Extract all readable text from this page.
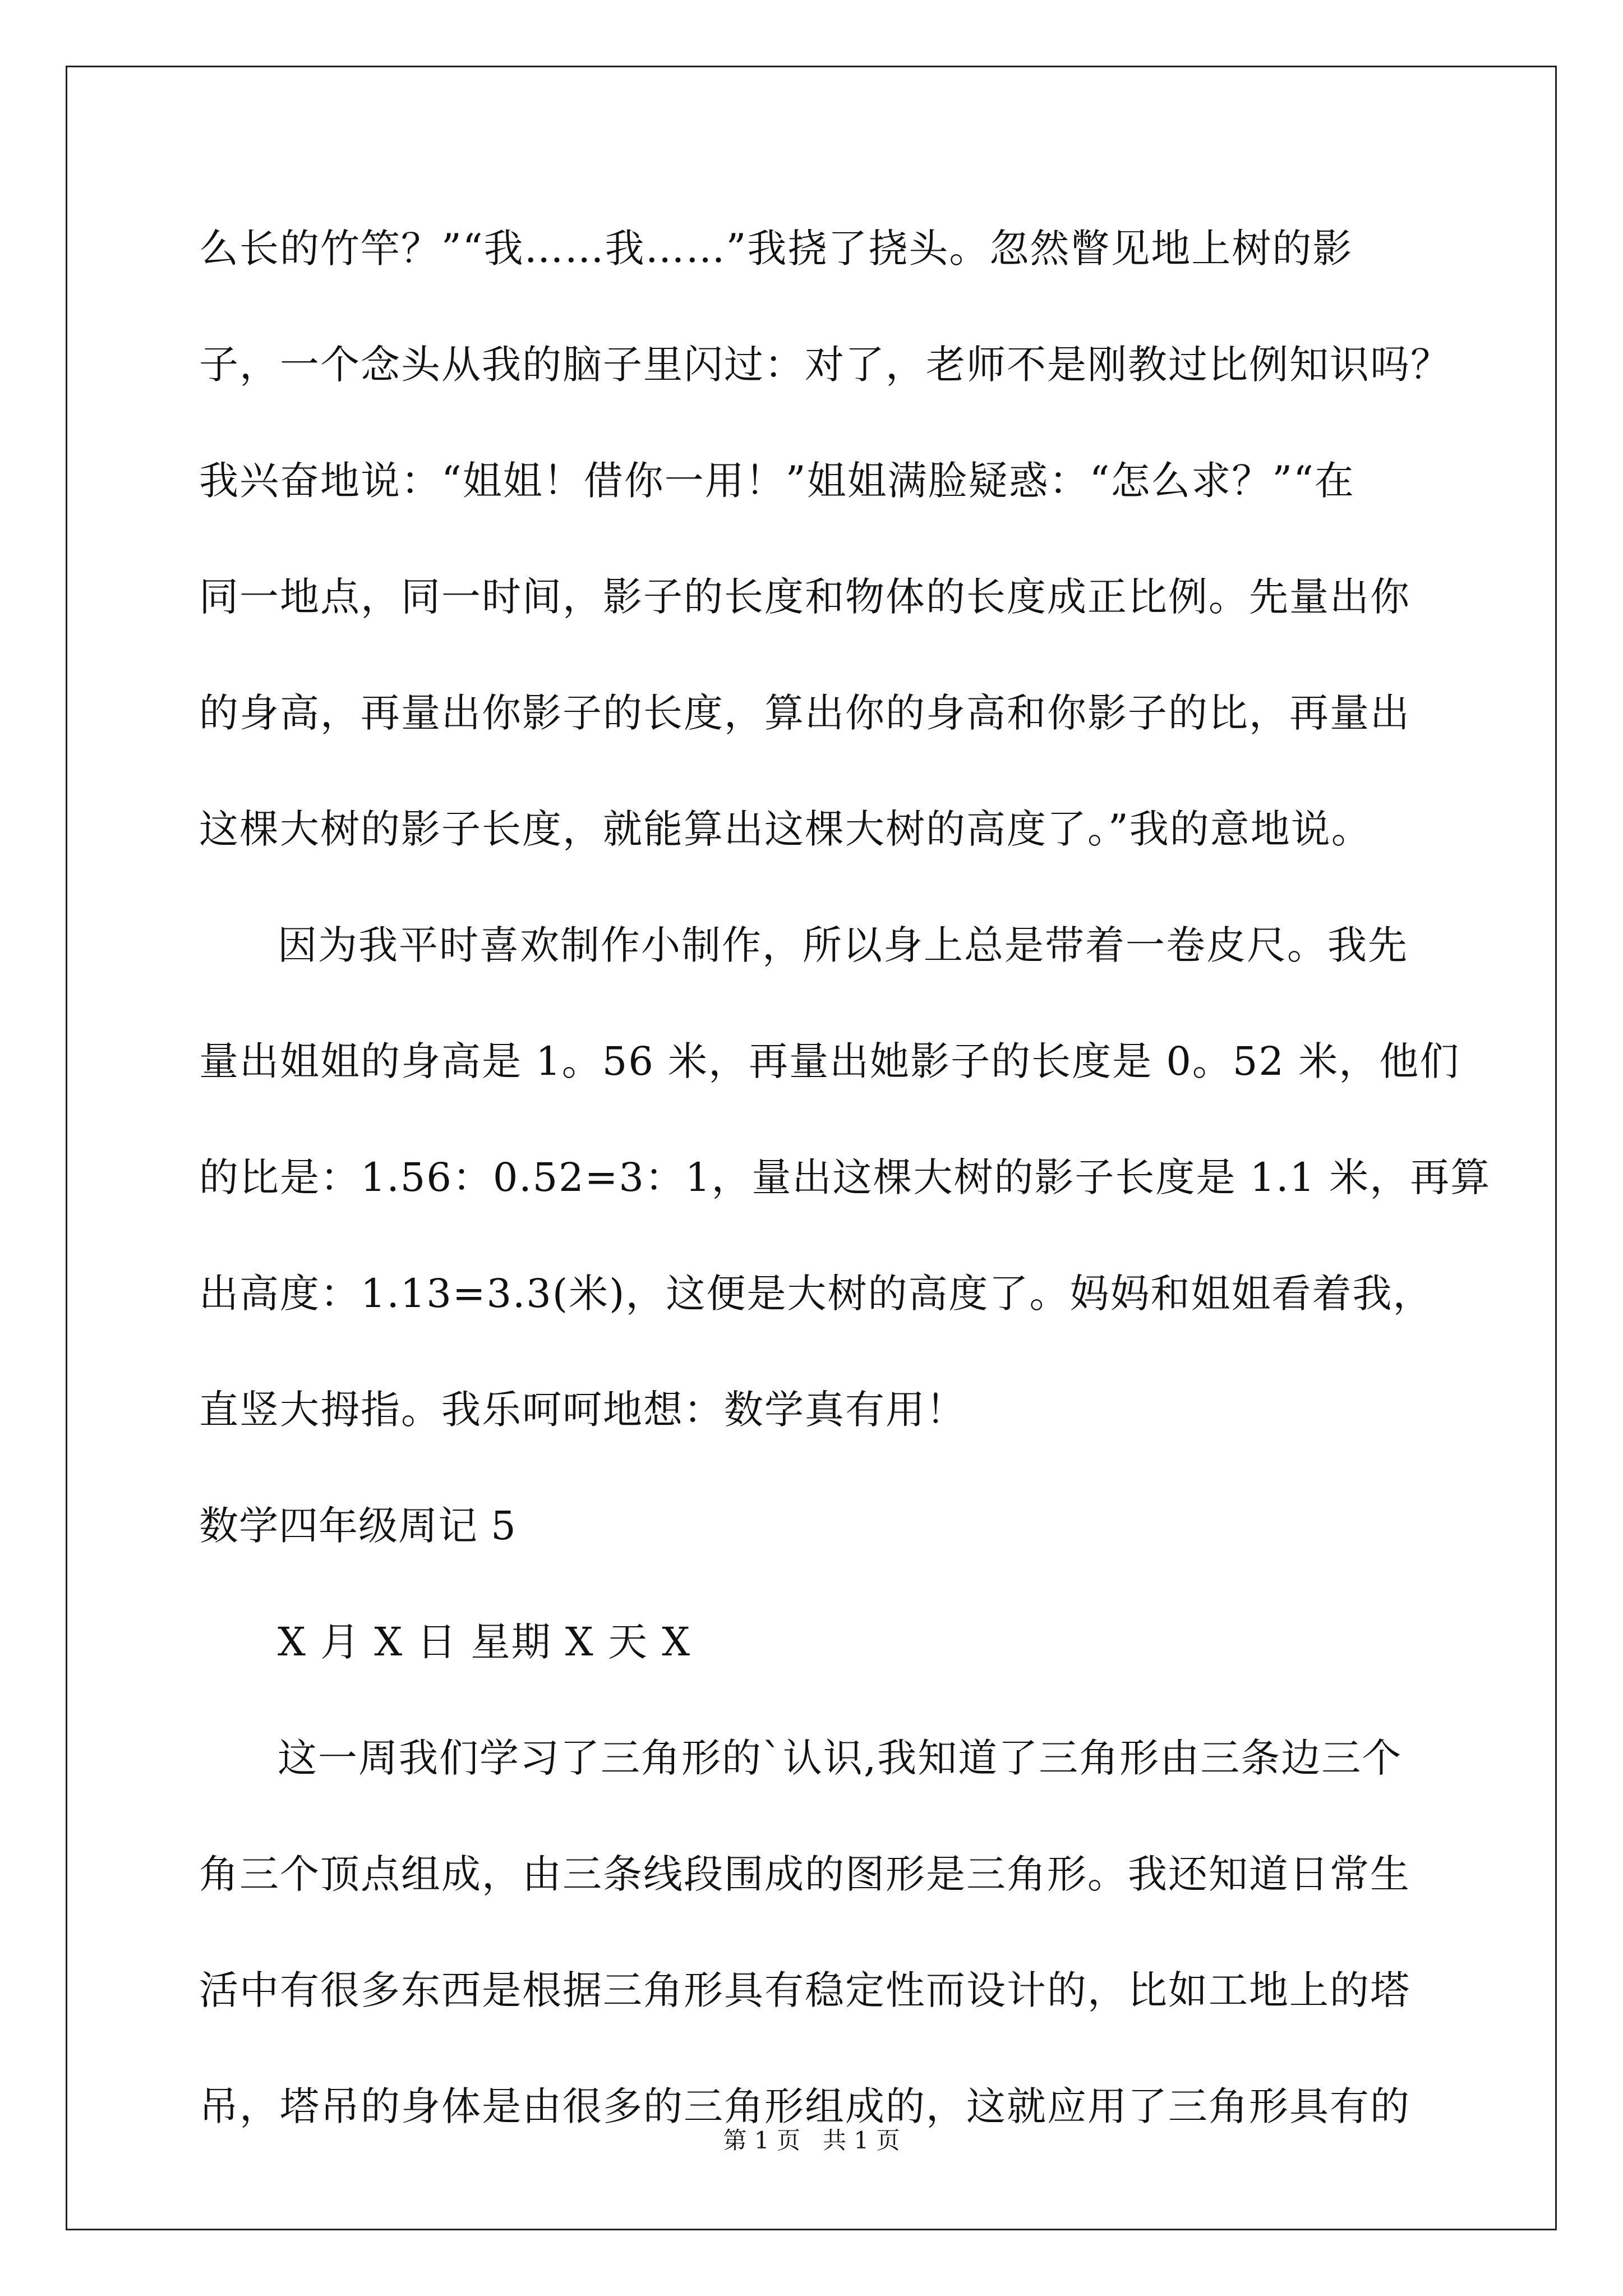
么长的竹竿？”“我……我……”我挠了挠头。忽然瞥见地上树的影
子，一个念头从我的脑子里闪过：对了，老师不是刚教过比例知识吗？
我兴奋地说：“姐姐！借你一用！”姐姐满脸疑惑：“怎么求？”“在
同一地点，同一时间，影子的长度和物体的长度成正比例。先量出你
的身高，再量出你影子的长度，算出你的身高和你影子的比，再量出
这棵大树的影子长度，就能算出这棵大树的高度了。”我的意地说。
因为我平时喜欢制作小制作，所以身上总是带着一卷皮尺。我先
量出姐姐的身高是 1。56 米，再量出她影子的长度是 0。52 米，他们
的比是：1.56：0.52=3：1，量出这棵大树的影子长度是 1.1 米，再算
出高度：1.13=3.3(米)，这便是大树的高度了。妈妈和姐姐看着我，
直竖大拇指。我乐呵呵地想：数学真有用！
数学四年级周记 5
X 月 X 日 星期 X 天 X
这一周我们学习了三角形的`认识,我知道了三角形由三条边三个
角三个顶点组成，由三条线段围成的图形是三角形。我还知道日常生
活中有很多东西是根据三角形具有稳定性而设计的，比如工地上的塔
吊，塔吊的身体是由很多的三角形组成的，这就应用了三角形具有的
第 1 页   共 1 页
